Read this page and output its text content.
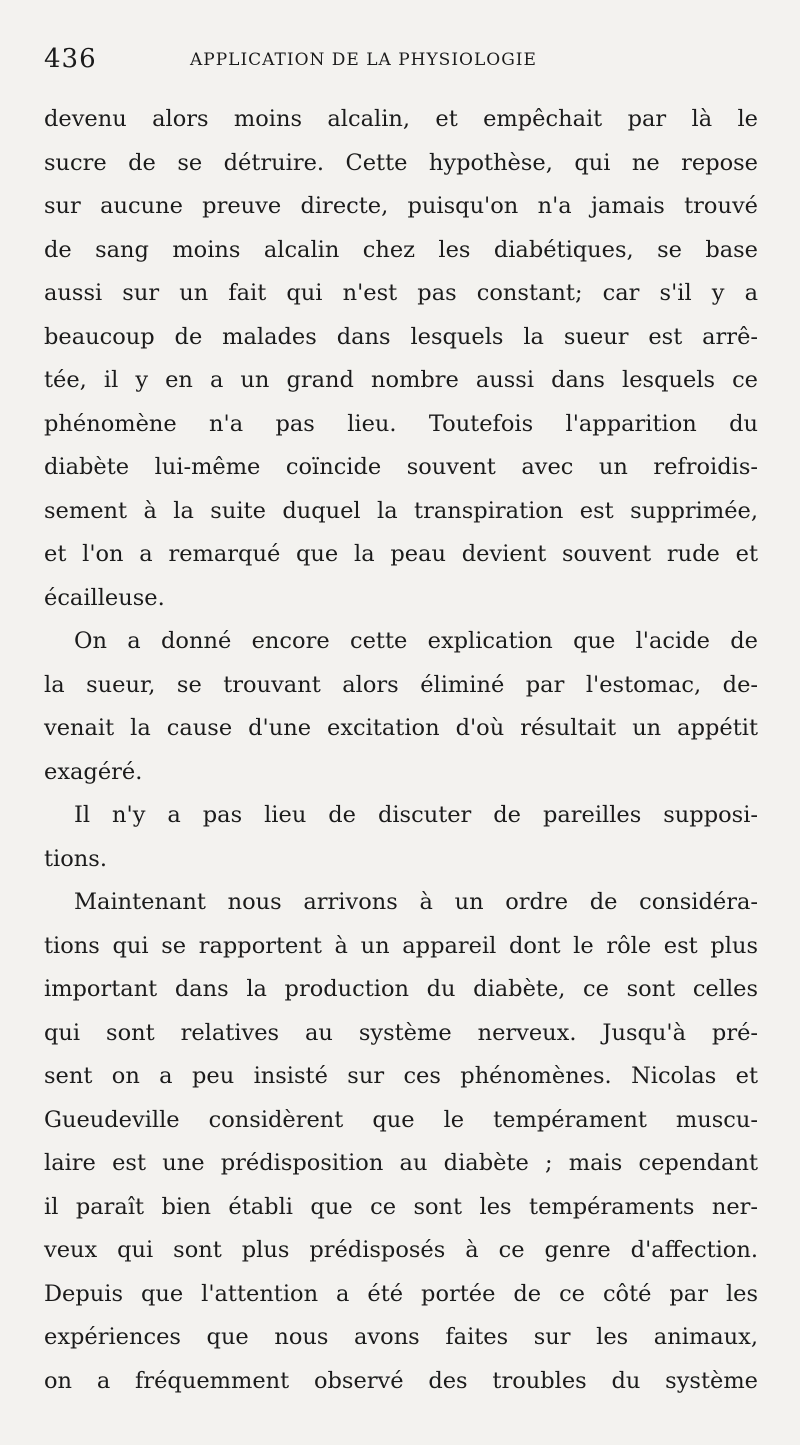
436	APPLICATION DE LA PHYSIOLOGIE
devenu alors moins alcalin, et empêchait par là le
sucre de se détruire. Cette hypothèse, qui ne repose
sur aucune preuve directe, puisqu'on n'a jamais trouvé
de sang moins alcalin chez les diabétiques, se base
aussi sur un fait qui n'est pas constant; car s'il y a
beaucoup de malades dans lesquels la sueur est arrê-
tée, il y en a un grand nombre aussi dans lesquels ce
phénomène n'a pas lieu. Toutefois l'apparition du
diabète lui-même coïncide souvent avec un refroidis-
sement à la suite duquel la transpiration est supprimée,
et l'on a remarqué que la peau devient souvent rude et
écailleuse.
On a donné encore cette explication que l'acide de
la sueur, se trouvant alors éliminé par l'estomac, de-
venait la cause d'une excitation d'où résultait un appétit
exagéré.
Il n'y a pas lieu de discuter de pareilles supposi-
tions.
Maintenant nous arrivons à un ordre de considéra-
tions qui se rapportent à un appareil dont le rôle est plus
important dans la production du diabète, ce sont celles
qui sont relatives au système nerveux. Jusqu'à pré-
sent on a peu insisté sur ces phénomènes. Nicolas et
Gueudeville considèrent que le tempérament muscu-
laire est une prédisposition au diabète ; mais cependant
il paraît bien établi que ce sont les tempéraments ner-
veux qui sont plus prédisposés à ce genre d'affection.
Depuis que l'attention a été portée de ce côté par les
expériences que nous avons faites sur les animaux,
on a fréquemment observé des troubles du système
